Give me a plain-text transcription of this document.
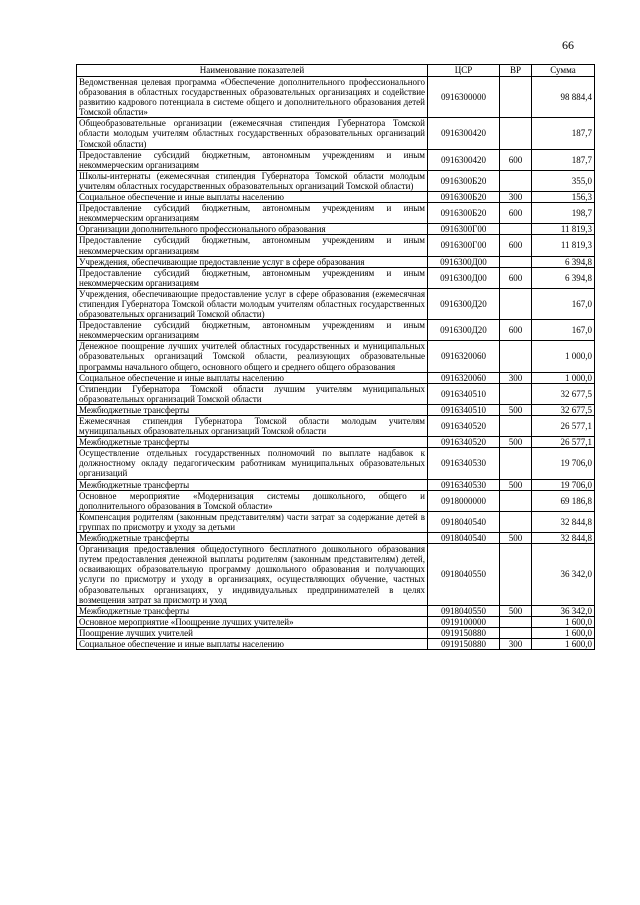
66
Наименование показателей	ЦСР	ВР	Сумма
Ведомственная целевая программа «Обеспечение дополнительного профессионального образования в областных государственных образовательных организациях и содействие развитию кадрового потенциала в системе общего и дополнительного образования детей Томской области»	0916300000		98 884,4
Общеобразовательные организации (ежемесячная стипендия Губернатора Томской области молодым учителям областных государственных образовательных организаций Томской области)	0916300420		187,7
Предоставление субсидий бюджетным, автономным учреждениям и иным некоммерческим организациям	0916300420	600	187,7
Школы-интернаты (ежемесячная стипендия Губернатора Томской области молодым учителям областных государственных образовательных организаций Томской области)	0916300Б20		355,0
Социальное обеспечение и иные выплаты населению	0916300Б20	300	156,3
Предоставление субсидий бюджетным, автономным учреждениям и иным некоммерческим организациям	0916300Б20	600	198,7
Организации дополнительного профессионального образования	0916300Г00		11 819,3
Предоставление субсидий бюджетным, автономным учреждениям и иным некоммерческим организациям	0916300Г00	600	11 819,3
Учреждения, обеспечивающие предоставление услуг в сфере образования	0916300Д00		6 394,8
Предоставление субсидий бюджетным, автономным учреждениям и иным некоммерческим организациям	0916300Д00	600	6 394,8
Учреждения, обеспечивающие предоставление услуг в сфере образования (ежемесячная стипендия Губернатора Томской области молодым учителям областных государственных образовательных организаций Томской области)	0916300Д20		167,0
Предоставление субсидий бюджетным, автономным учреждениям и иным некоммерческим организациям	0916300Д20	600	167,0
Денежное поощрение лучших учителей областных государственных и муниципальных образовательных организаций Томской области, реализующих образовательные программы начального общего, основного общего и среднего общего образования	0916320060		1 000,0
Социальное обеспечение и иные выплаты населению	0916320060	300	1 000,0
Стипендии Губернатора Томской области лучшим учителям муниципальных образовательных организаций Томской области	0916340510		32 677,5
Межбюджетные трансферты	0916340510	500	32 677,5
Ежемесячная стипендия Губернатора Томской области молодым учителям муниципальных образовательных организаций Томской области	0916340520		26 577,1
Межбюджетные трансферты	0916340520	500	26 577,1
Осуществление отдельных государственных полномочий по выплате надбавок к должностному окладу педагогическим работникам муниципальных образовательных организаций	0916340530		19 706,0
Межбюджетные трансферты	0916340530	500	19 706,0
Основное мероприятие «Модернизация системы дошкольного, общего и дополнительного образования в Томской области»	0918000000		69 186,8
Компенсация родителям (законным представителям) части затрат за содержание детей в группах по присмотру и уходу за детьми	0918040540		32 844,8
Межбюджетные трансферты	0918040540	500	32 844,8
Организация предоставления общедоступного бесплатного дошкольного образования путем предоставления денежной выплаты родителям (законным представителям) детей, осваивающих образовательную программу дошкольного образования и получающих услуги по присмотру и уходу в организациях, осуществляющих обучение, частных образовательных организациях, у индивидуальных предпринимателей в целях возмещения затрат за присмотр и уход	0918040550		36 342,0
Межбюджетные трансферты	0918040550	500	36 342,0
Основное мероприятие «Поощрение лучших учителей»	0919100000		1 600,0
Поощрение лучших учителей	0919150880		1 600,0
Социальное обеспечение и иные выплаты населению	0919150880	300	1 600,0
